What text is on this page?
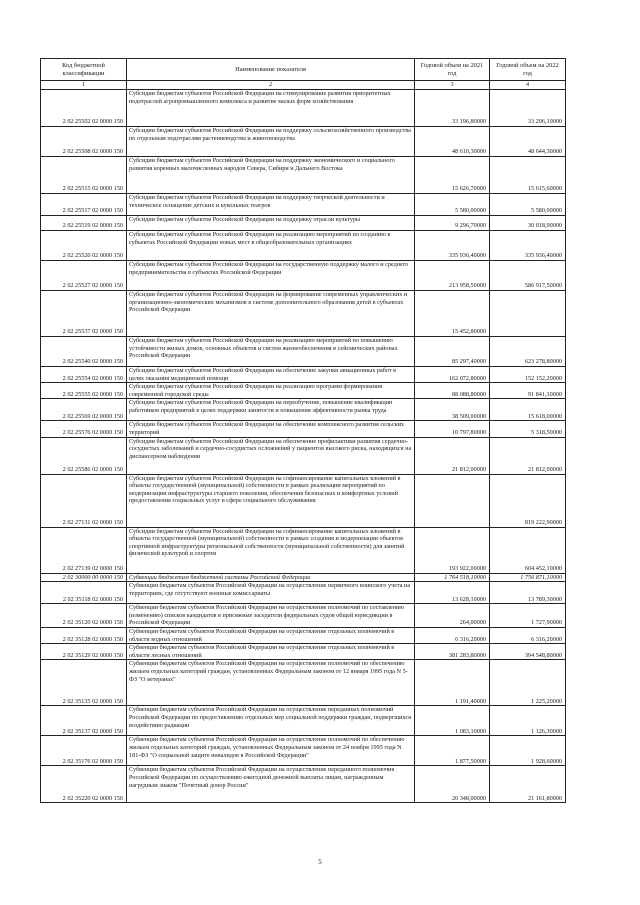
Код бюджетной классификации	Наименование показателя	Годовой объем на 2021 год	Годовой объем на 2022 год
1	2	3	4
2 02 25502 02 0000 150	Субсидии бюджетам субъектов Российской Федерации на стимулирование развития приоритетных подотраслей агропромышленного комплекса и развитие малых форм хозяйствования	33 196,80000	33 296,10000
2 02 25508 02 0000 150	Субсидии бюджетам субъектов Российской Федерации на поддержку сельскохозяйственного производства по отдельным подотраслям растениеводства и животноводства	48 610,30000	48 644,30000
2 02 25515 02 0000 150	Субсидии бюджетам субъектов Российской Федерации на поддержку экономического и социального развития коренных малочисленных народов Севера, Сибири и Дальнего Востока	15 626,70000	15 615,60000
2 02 25517 02 0000 150	Субсидии бюджетам субъектов Российской Федерации на поддержку творческой деятельности и техническое оснащение детских и кукольных театров	5 580,00000	5 580,00000
2 02 25519 02 0000 150	Субсидии бюджетам субъектов Российской Федерации на поддержку отрасли культуры	9 296,70000	30 018,90000
2 02 25520 02 0000 150	Субсидии бюджетам субъектов Российской Федерации на реализацию мероприятий по созданию в субъектах Российской Федерации новых мест в общеобразовательных организациях	335 936,40000	335 936,40000
2 02 25527 02 0000 150	Субсидии бюджетам субъектов Российской Федерации на государственную поддержку малого и среднего предпринимательства в субъектах Российской Федерации	213 958,50000	586 917,50000
2 02 25537 02 0000 150	Субсидии бюджетам субъектов Российской Федерации на формирование современных управленческих и организационно-экономических механизмов в системе дополнительного образования детей в субъектах Российской Федерации	15 452,80000	
2 02 25540 02 0000 150	Субсидии бюджетам субъектов Российской Федерации на реализацию мероприятий по повышению устойчивости жилых домов, основных объектов и систем жизнеобеспечения в сейсмических районах Российской Федерации	85 297,40000	623 278,80000
2 02 25554 02 0000 150	Субсидии бюджетам субъектов Российской Федерации на обеспечение закупки авиационных работ в целях оказания медицинской помощи	162 072,80000	152 152,20000
2 02 25555 02 0000 150	Субсидии бюджетам субъектов Российской Федерации на реализацию программ формирования современной городской среды	88 088,80000	91 841,10000
2 02 25569 02 0000 150	Субсидии бюджетам субъектов Российской Федерации на переобучение, повышение квалификации работников предприятий в целях поддержки занятости и повышения эффективности рынка труда	38 509,00000	15 618,00000
2 02 25576 02 0000 150	Субсидии бюджетам субъектов Российской Федерации на обеспечение комплексного развития сельских территорий	10 797,80000	5 318,50000
2 02 25586 02 0000 150	Субсидии бюджетам субъектов Российской Федерации на обеспечение профилактики развития сердечно-сосудистых заболеваний и сердечно-сосудистых осложнений у пациентов высокого риска, находящихся на диспансерном наблюдении	21 812,00000	21 812,00000
2 02 27131 02 0000 150	Субсидии бюджетам субъектов Российской Федерации на софинансирование капитальных вложений в объекты государственной (муниципальной) собственности в рамках реализации мероприятий по модернизации инфраструктуры старшего поколения, обеспечения безопасных и комфортных условий предоставления социальных услуг в сфере социального обслуживания		819 222,90000
2 02 27139 02 0000 150	Субсидии бюджетам субъектов Российской Федерации на софинансирование капитальных вложений в объекты государственной (муниципальной) собственности в рамках создания и модернизации объектов спортивной инфраструктуры региональной собственности (муниципальной собственности) для занятий физической культурой и спортом	193 922,00000	604 452,10000
2 02 30000 00 0000 150	Субвенции бюджетам бюджетной системы Российской Федерации	1 764 518,10000	1 756 871,10000
2 02 35118 02 0000 150	Субвенции бюджетам субъектов Российской Федерации на осуществление первичного воинского учета на территориях, где отсутствуют военные комиссариаты	13 628,10000	13 789,30000
2 02 35120 02 0000 150	Субвенции бюджетам субъектов Российской Федерации на осуществление полномочий по составлению (изменению) списков кандидатов в присяжные заседатели федеральных судов общей юрисдикции в Российской Федерации	264,00000	1 727,90000
2 02 35128 02 0000 150	Субвенции бюджетам субъектов Российской Федерации на осуществление отдельных полномочий в области водных отношений	6 316,20000	6 316,20000
2 02 35129 02 0000 150	Субвенции бюджетам субъектов Российской Федерации на осуществление отдельных полномочий в области лесных отношений	381 283,80000	394 548,80000
2 02 35135 02 0000 150	Субвенции бюджетам субъектов Российской Федерации на осуществление полномочий по обеспечению жильем отдельных категорий граждан, установленных Федеральным законом от 12 января 1995 года N 5-ФЗ "О ветеранах"	1 191,40000	1 225,20000
2 02 35137 02 0000 150	Субвенции бюджетам субъектов Российской Федерации на осуществление переданных полномочий Российской Федерации по предоставлению отдельных мер социальной поддержки граждан, подвергшихся воздействию радиации	1 083,10000	1 126,30000
2 02 35176 02 0000 150	Субвенции бюджетам субъектов Российской Федерации на осуществление полномочий по обеспечению жильем отдельных категорий граждан, установленных Федеральным законом от 24 ноября 1995 года N 181-ФЗ "О социальной защите инвалидов в Российской Федерации"	1 877,50000	1 928,60000
2 02 35220 02 0000 150	Субвенции бюджетам субъектов Российской Федерации на осуществление переданного полномочия Российской Федерации по осуществлению ежегодной денежной выплаты лицам, награжденным нагрудным знаком "Почетный донор России"	20 348,00000	21 161,80000
5
